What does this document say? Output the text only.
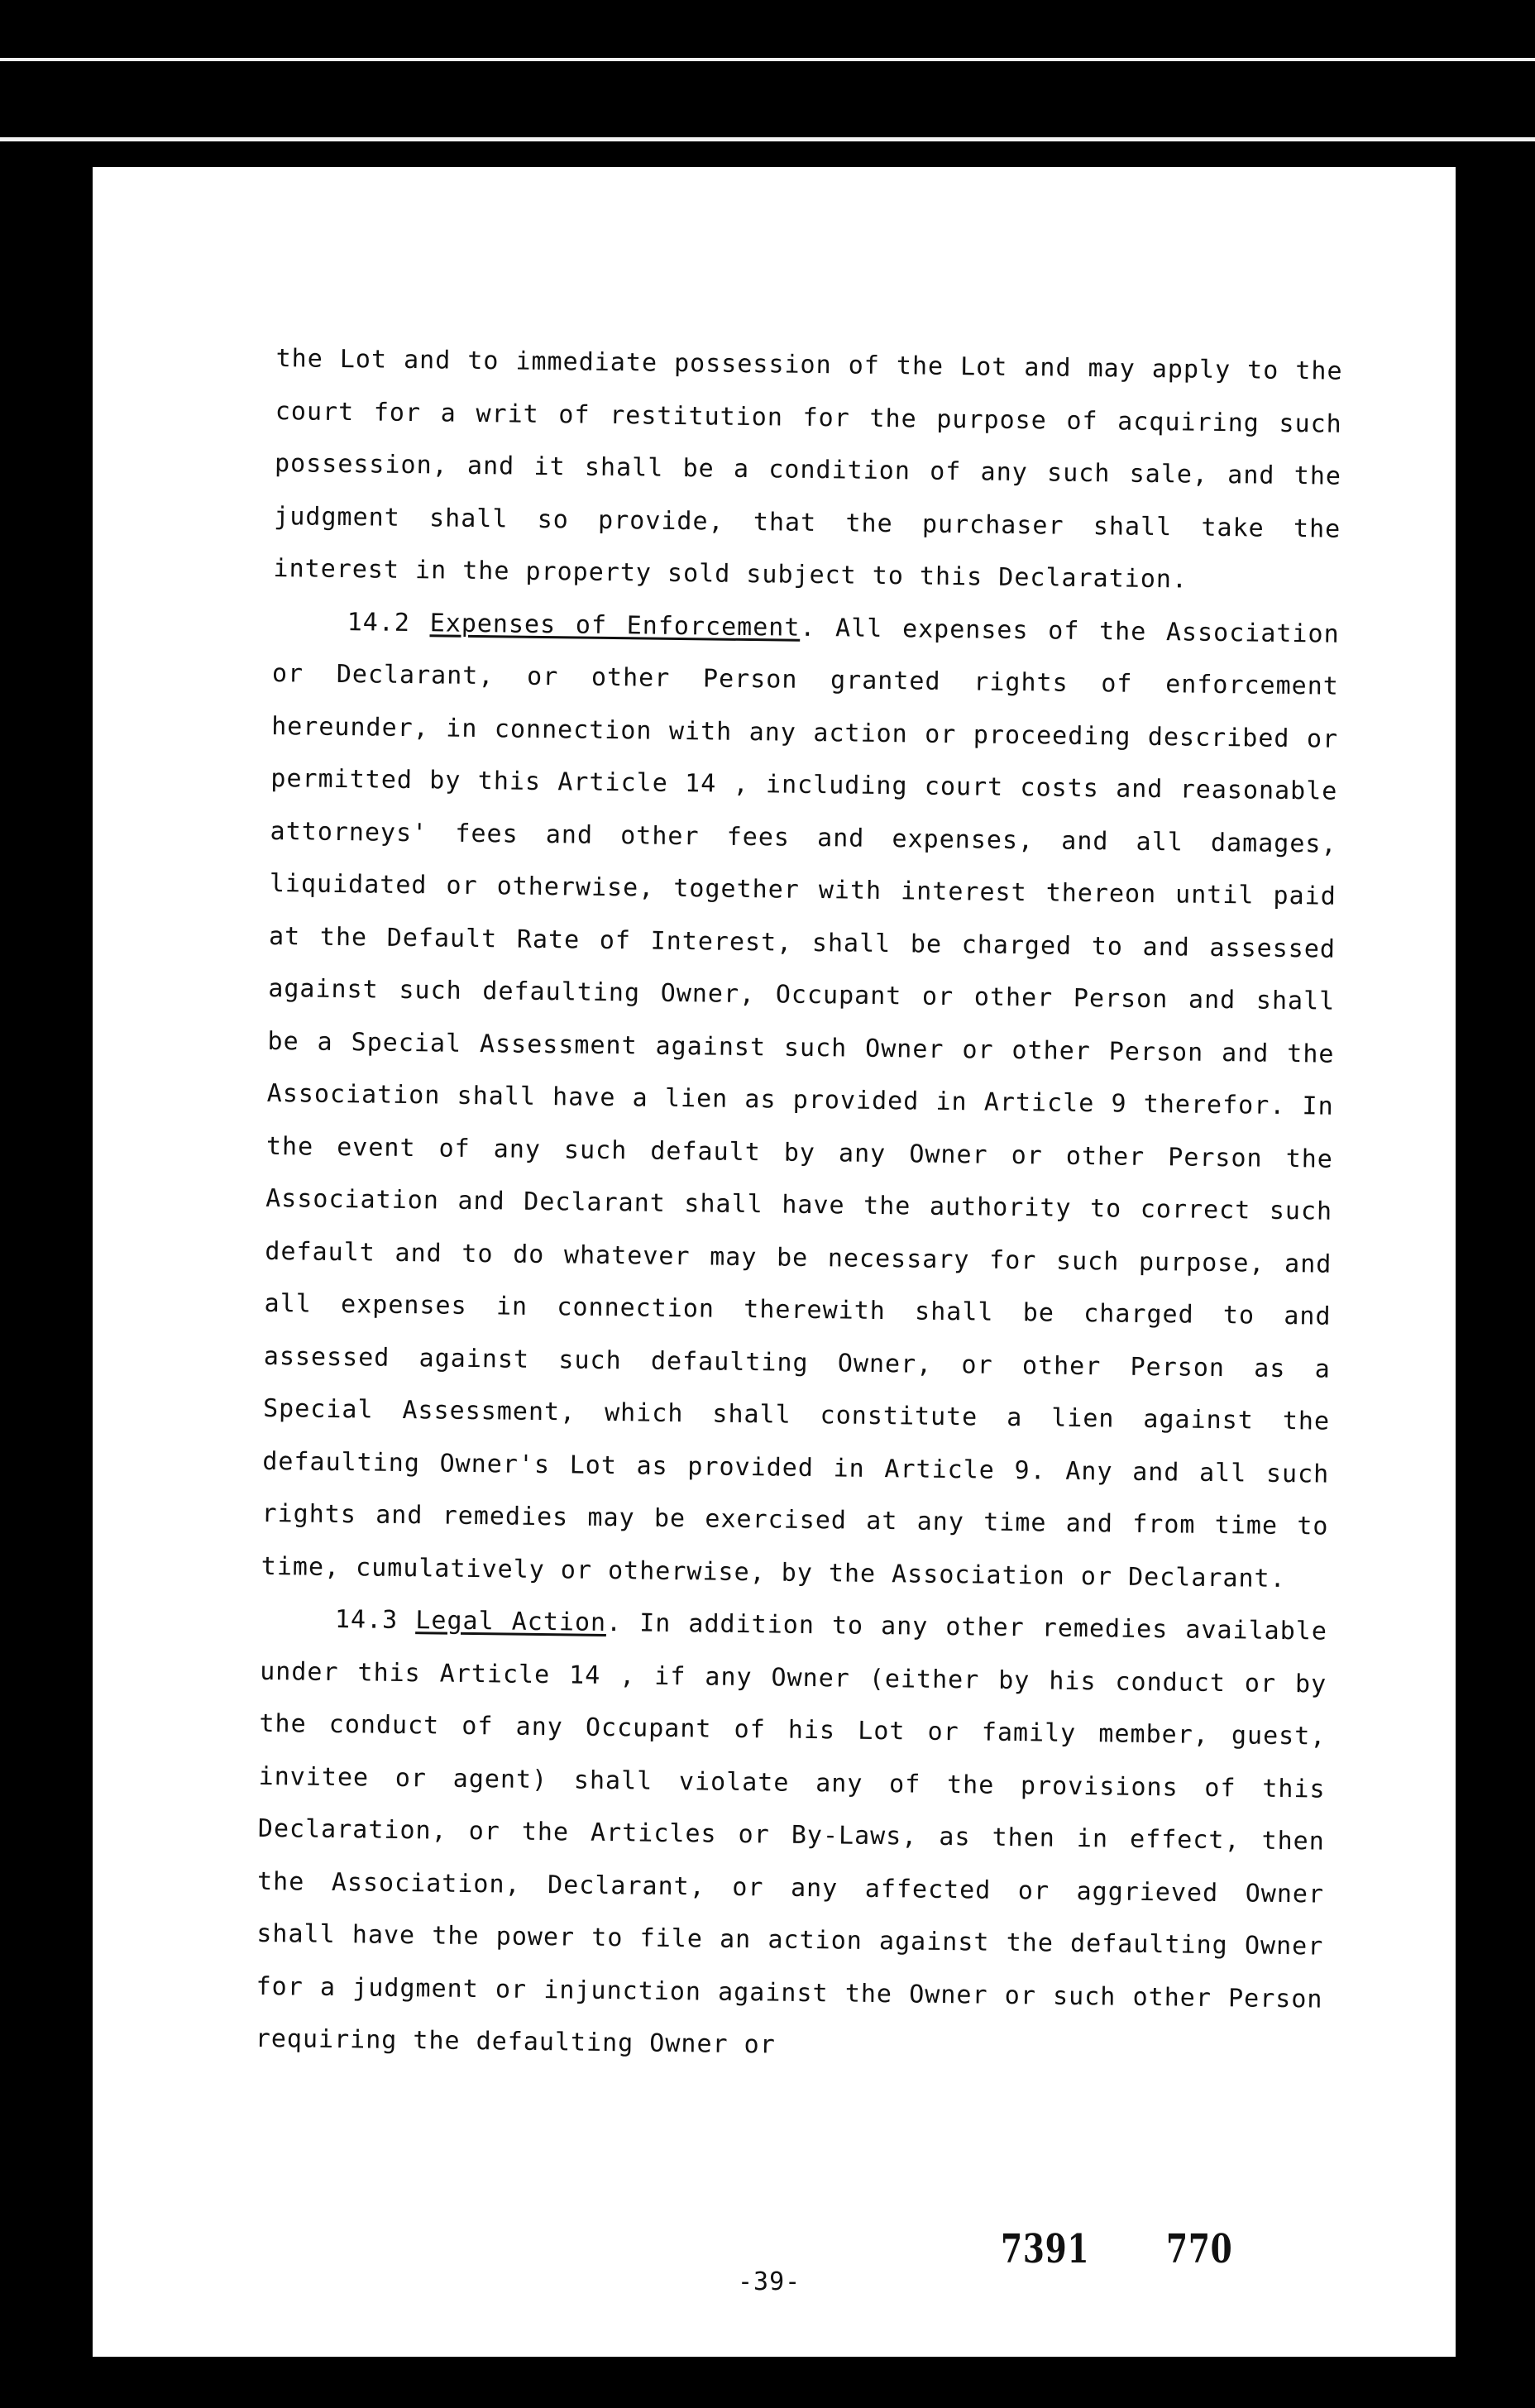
the Lot and to immediate possession of the Lot and may apply to the court for a writ of restitution for the purpose of acquiring such possession, and it shall be a condition of any such sale, and the judgment shall so provide, that the purchaser shall take the interest in the property sold subject to this Declaration.

14.2 Expenses of Enforcement. All expenses of the Association or Declarant, or other Person granted rights of enforcement hereunder, in connection with any action or proceeding described or permitted by this Article 14 , including court costs and reasonable attorneys' fees and other fees and expenses, and all damages, liquidated or otherwise, together with interest thereon until paid at the Default Rate of Interest, shall be charged to and assessed against such defaulting Owner, Occupant or other Person and shall be a Special Assessment against such Owner or other Person and the Association shall have a lien as provided in Article 9 therefor. In the event of any such default by any Owner or other Person the Association and Declarant shall have the authority to correct such default and to do whatever may be necessary for such purpose, and all expenses in connection therewith shall be charged to and assessed against such defaulting Owner, or other Person as a Special Assessment, which shall constitute a lien against the defaulting Owner's Lot as provided in Article 9. Any and all such rights and remedies may be exercised at any time and from time to time, cumulatively or otherwise, by the Association or Declarant.

14.3 Legal Action. In addition to any other remedies available under this Article 14 , if any Owner (either by his conduct or by the conduct of any Occupant of his Lot or family member, guest, invitee or agent) shall violate any of the provisions of this Declaration, or the Articles or By-Laws, as then in effect, then the Association, Declarant, or any affected or aggrieved Owner shall have the power to file an action against the defaulting Owner for a judgment or injunction against the Owner or such other Person requiring the defaulting Owner or

7391 770
-39-
